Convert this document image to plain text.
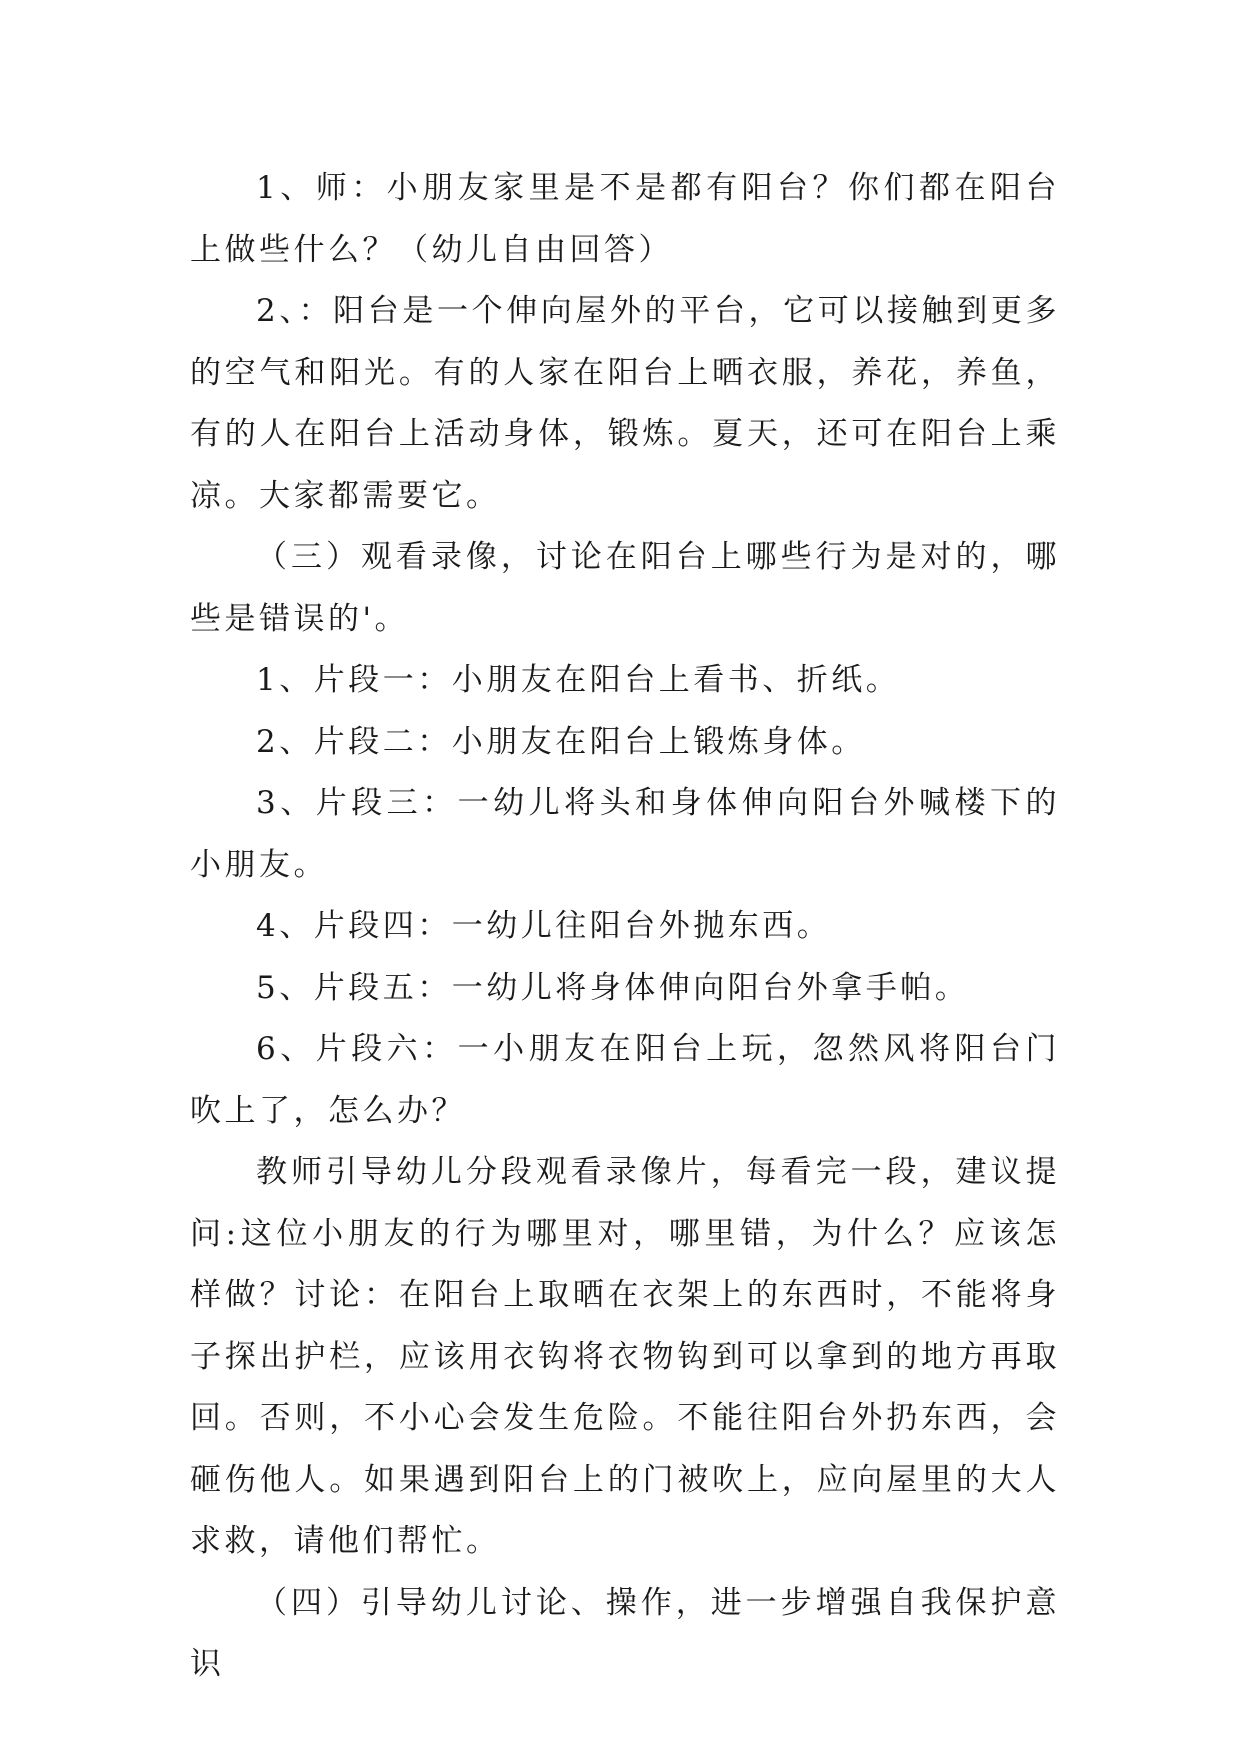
1、师：小朋友家里是不是都有阳台？你们都在阳台上做些什么？（幼儿自由回答）

2、：阳台是一个伸向屋外的平台，它可以接触到更多的空气和阳光。有的人家在阳台上晒衣服，养花，养鱼，有的人在阳台上活动身体，锻炼。夏天，还可在阳台上乘凉。大家都需要它。

（三）观看录像，讨论在阳台上哪些行为是对的，哪些是错误的'。

1、片段一：小朋友在阳台上看书、折纸。

2、片段二：小朋友在阳台上锻炼身体。

3、片段三：一幼儿将头和身体伸向阳台外喊楼下的小朋友。

4、片段四：一幼儿往阳台外抛东西。

5、片段五：一幼儿将身体伸向阳台外拿手帕。

6、片段六：一小朋友在阳台上玩，忽然风将阳台门吹上了，怎么办？

教师引导幼儿分段观看录像片，每看完一段，建议提问:这位小朋友的行为哪里对，哪里错，为什么？应该怎样做？讨论：在阳台上取晒在衣架上的东西时，不能将身子探出护栏，应该用衣钩将衣物钩到可以拿到的地方再取回。否则，不小心会发生危险。不能往阳台外扔东西，会砸伤他人。如果遇到阳台上的门被吹上，应向屋里的大人求救，请他们帮忙。

（四）引导幼儿讨论、操作，进一步增强自我保护意识
